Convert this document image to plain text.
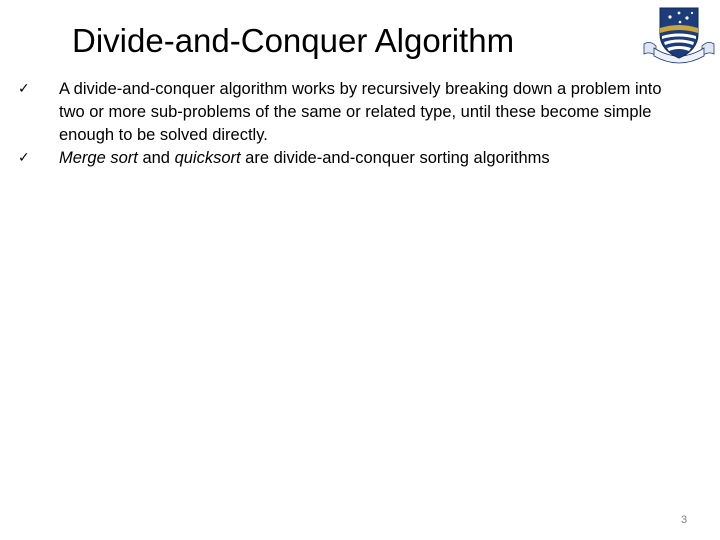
Divide-and-Conquer Algorithm
✓	A divide-and-conquer algorithm works by recursively breaking down a problem into two or more sub-problems of the same or related type, until these become simple enough to be solved directly.
✓	Merge sort and quicksort are divide-and-conquer sorting algorithms
3
